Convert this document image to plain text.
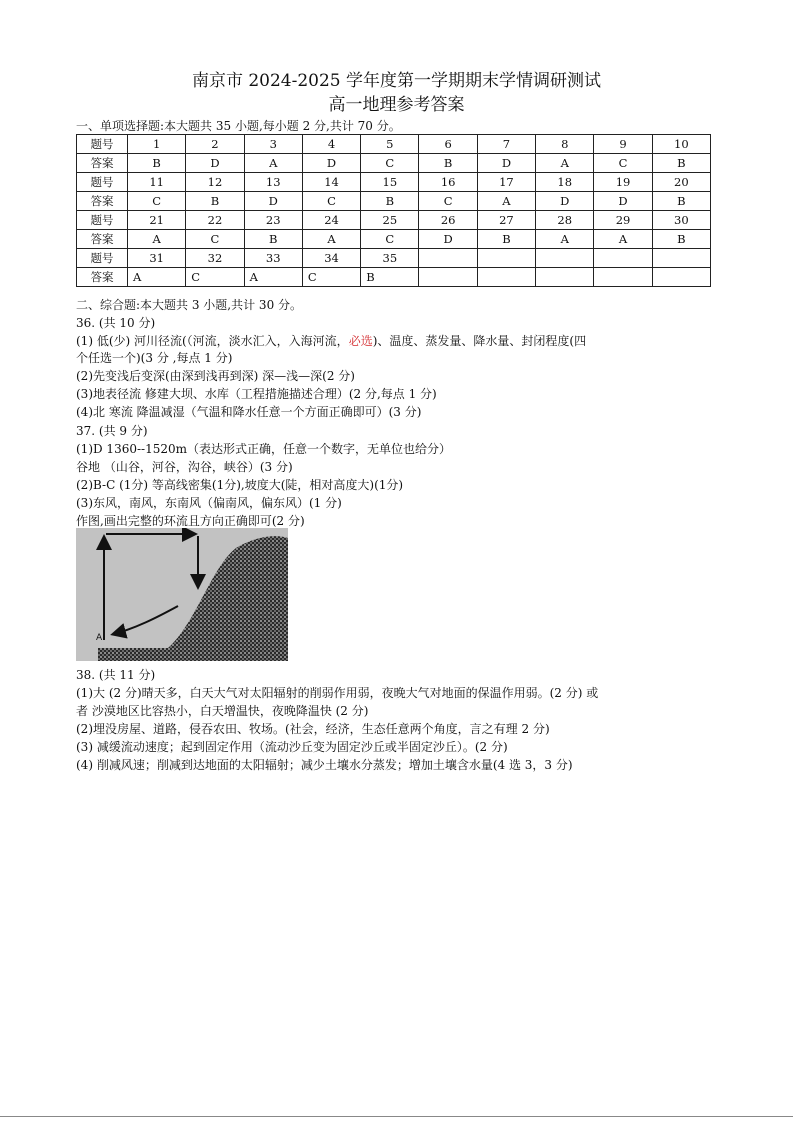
南京市 2024-2025 学年度第一学期期末学情调研测试
高一地理参考答案
一、单项选择题:本大题共 35 小题,每小题 2 分,共计 70 分。
题号	1	2	3	4	5	6	7	8	9	10
答案	B	D	A	D	C	B	D	A	C	B
题号	11	12	13	14	15	16	17	18	19	20
答案	C	B	D	C	B	C	A	D	D	B
题号	21	22	23	24	25	26	27	28	29	30
答案	A	C	B	A	C	D	B	A	A	B
题号	31	32	33	34	35					
答案	A	C	A	C	B					
二、综合题:本大题共 3 小题,共计 30 分。
36. (共 10 分)
(1) 低(少) 河川径流(（河流，淡水汇入，入海河流，必选)、温度、蒸发量、降水量、封闭程度(四
个任选一个)(3 分 ,每点 1 分)
(2)先变浅后变深(由深到浅再到深) 深—浅—深(2 分)
(3)地表径流 修建大坝、水库（工程措施描述合理）(2 分,每点 1 分)
(4)北 寒流 降温减湿（气温和降水任意一个方面正确即可）(3 分)
37. (共 9 分)
(1)D 1360--1520m（表达形式正确，任意一个数字，无单位也给分）
谷地 （山谷，河谷，沟谷，峡谷）(3 分)
(2)B-C (1分) 等高线密集(1分),坡度大(陡，相对高度大)(1分)
(3)东风，南风，东南风（偏南风，偏东风）(1 分)
作图,画出完整的环流且方向正确即可(2 分)
A
38. (共 11 分)
(1)大 (2 分)晴天多，白天大气对太阳辐射的削弱作用弱，夜晚大气对地面的保温作用弱。(2 分) 或
者 沙漠地区比容热小，白天增温快，夜晚降温快 (2 分)
(2)埋没房屋、道路，侵吞农田、牧场。(社会，经济，生态任意两个角度，言之有理 2 分)
(3) 减缓流动速度；起到固定作用（流动沙丘变为固定沙丘或半固定沙丘）。(2 分)
(4) 削减风速；削减到达地面的太阳辐射；减少土壤水分蒸发；增加土壤含水量(4 选 3，3 分)
